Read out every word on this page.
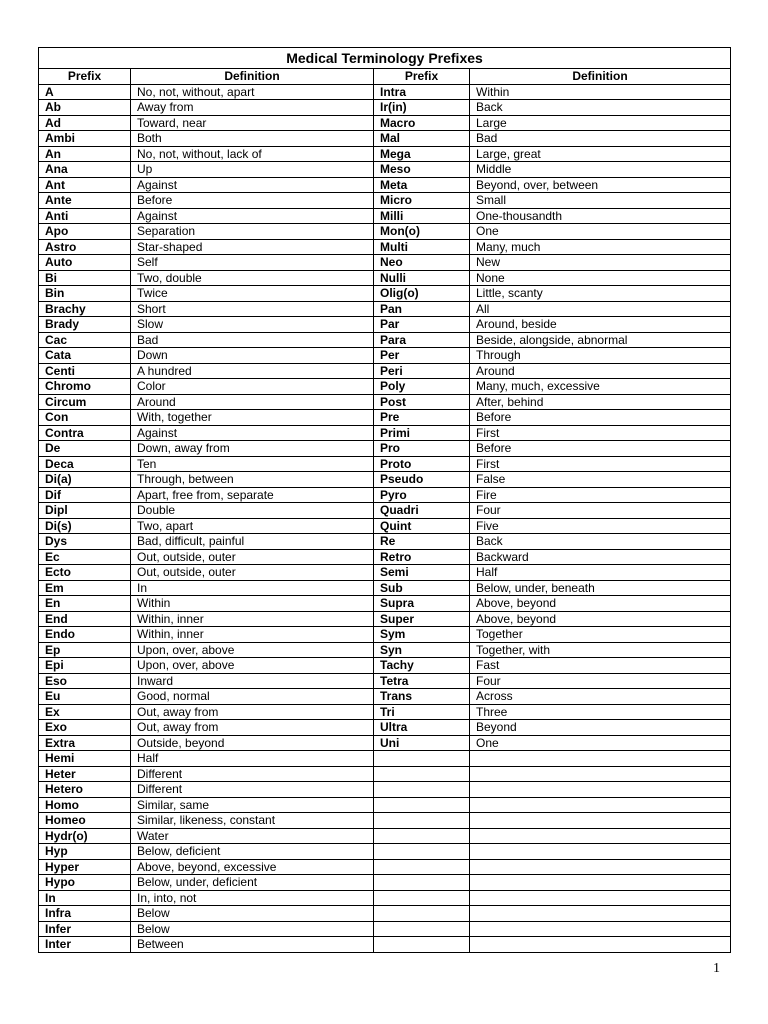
Medical Terminology Prefixes			
Prefix	Definition	Prefix	Definition
A	No, not, without, apart	Intra	Within
Ab	Away from	Ir(in)	Back
Ad	Toward, near	Macro	Large
Ambi	Both	Mal	Bad
An	No, not, without, lack of	Mega	Large, great
Ana	Up	Meso	Middle
Ant	Against	Meta	Beyond, over, between
Ante	Before	Micro	Small
Anti	Against	Milli	One-thousandth
Apo	Separation	Mon(o)	One
Astro	Star-shaped	Multi	Many, much
Auto	Self	Neo	New
Bi	Two, double	Nulli	None
Bin	Twice	Olig(o)	Little, scanty
Brachy	Short	Pan	All
Brady	Slow	Par	Around, beside
Cac	Bad	Para	Beside, alongside, abnormal
Cata	Down	Per	Through
Centi	A hundred	Peri	Around
Chromo	Color	Poly	Many, much, excessive
Circum	Around	Post	After, behind
Con	With, together	Pre	Before
Contra	Against	Primi	First
De	Down, away from	Pro	Before
Deca	Ten	Proto	First
Di(a)	Through, between	Pseudo	False
Dif	Apart, free from, separate	Pyro	Fire
Dipl	Double	Quadri	Four
Di(s)	Two, apart	Quint	Five
Dys	Bad, difficult, painful	Re	Back
Ec	Out, outside, outer	Retro	Backward
Ecto	Out, outside, outer	Semi	Half
Em	In	Sub	Below, under, beneath
En	Within	Supra	Above, beyond
End	Within, inner	Super	Above, beyond
Endo	Within, inner	Sym	Together
Ep	Upon, over, above	Syn	Together, with
Epi	Upon, over, above	Tachy	Fast
Eso	Inward	Tetra	Four
Eu	Good, normal	Trans	Across
Ex	Out, away from	Tri	Three
Exo	Out, away from	Ultra	Beyond
Extra	Outside, beyond	Uni	One
Hemi	Half		
Heter	Different		
Hetero	Different		
Homo	Similar, same		
Homeo	Similar, likeness, constant		
Hydr(o)	Water		
Hyp	Below, deficient		
Hyper	Above, beyond, excessive		
Hypo	Below, under, deficient		
In	In, into, not		
Infra	Below		
Infer	Below		
Inter	Between		
1
